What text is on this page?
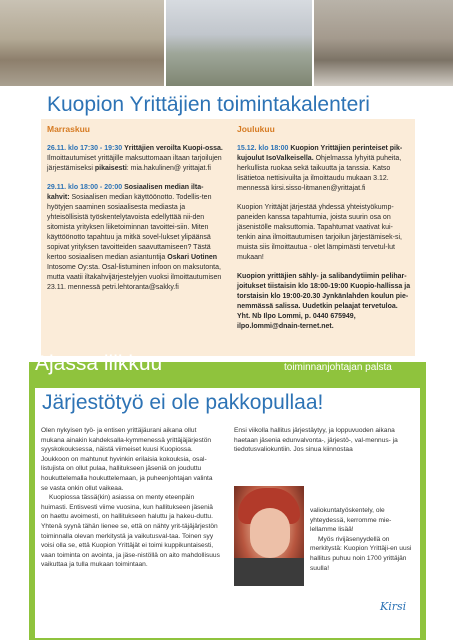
Kuopion Yrittäjien toimintakalenteri
Marraskuu

26.11. klo 17:30 - 19:30 Yrittäjien veroilta Kuopi-ossa. Ilmoittautumiset yrittäjille maksuttomaan iltaan tarjoilujen järjestämiseksi pikaisesti: mia.hakulinen@ yrittajat.fi

29.11. klo 18:00 - 20:00 Sosiaalisen median ilta-kahvit: Sosiaalisen median käyttöönotto. Todellis-ten hyötyjen saaminen sosiaalisesta mediasta ja yhteisöllisistä työskentelytavoista edellyttää nii-den sitomista yrityksen liiketoiminnan tavoittei-siin. Miten käyttöönotto tapahtuu ja mitkä sovel-lukset ylipäänsä sopivat yrityksen tavoitteiden saavuttamiseen? Tästä kertoo sosiaalisen median asiantuntija Oskari Uotinen Intosome Oy:sta. Osal-listuminen infoon on maksutonta, mutta vaatii iltakahvijärjestelyjen vuoksi ilmoittautumisen 23.11. mennessä petri.lehtoranta@sakky.fi

Joulukuu

15.12. klo 18:00 Kuopion Yrittäjien perinteiset pik-kujoulut IsoValkeisella. Ohjelmassa lyhyitä puheita, herkullista ruokaa sekä taikuutta ja tanssia. Katso lisätietoa nettisivuilta ja ilmoittaudu mukaan 3.12. mennessä kirsi.sisso-litmanen@yrittajat.fi

Kuopion Yrittäjät järjestää yhdessä yhteistyökump-paneiden kanssa tapahtumia, joista suurin osa on jäsenistölle maksuttomia. Tapahtumat vaativat kui-tenkin aina ilmoittautumisen tarjoilun järjestämisek-si, muista siis ilmoittautua - olet lämpimästi tervetul-lut mukaan!

Kuopion yrittäjien sähly- ja salibandytiimin pelihar-joitukset tiistaisin klo 18:00-19:00 Kuopio-hallissa ja torstaisin klo 19:00-20.30 Jynkänlahden koulun pie-nemmässä salissa. Uudetkin pelaajat tervetuloa. Yht. Nb Ilpo Lommi, p. 0440 675949, ilpo.lommi@dnain-ternet.net.

Ajassa liikkuu	toiminnanjohtajan palsta
Järjestötyö ei ole pakkopullaa!

Olen nykyisen työ- ja entisen yrittäjäurani aikana ollut mukana ainakin kahdeksalla-kymmenessä yrittäjäjärjestön syyskokouksessa, näistä viimeiset kuusi Kuopiossa. Joukkoon on mahtunut hyvinkin erilaisia kokouksia, osal-listujista on ollut pulaa, hallitukseen jäseniä on jouduttu houkuttelemalla houkuttelemaan, ja puheenjohtajan valinta se vasta onkin ollut vaikeaa.

Kuopiossa tässä(kin) asiassa on menty eteenpäin huimasti. Entisvesti viime vuosina, kun hallitukseen jäseniä on haettu avoimesti, on hallitukseen haluttu ja hakeu-duttu. Yhtenä syynä tähän lienee se, että on nähty yrit-täjäjärjestön toiminnalla olevan merkitystä ja vaikutusval-taa. Toinen syy voisi olla se, että Kuopion Yrittäjät ei toimi kuppikuntaisesti, vaan toiminta on avointa, ja jäse-nistöllä on aito mahdollisuus vaikuttaa ja tulla mukaan toimintaan.

Ensi viikolla hallitus järjestäytyy, ja loppuvuoden aikana haetaan jäsenia edunvalvonta-, järjestö-, val-mennus- ja tiedotusvaliokuntiin. Jos sinua kiinnostaa

valiokuntatyöskentely, ole yhteydessä, kerromme mie-lellamme lisää!

Myös rivijäsenyydellä on merkitystä: Kuopion Yrittäji-en uusi hallitus puhuu noin 1700 yrittäjän suulla!

Kirsi
